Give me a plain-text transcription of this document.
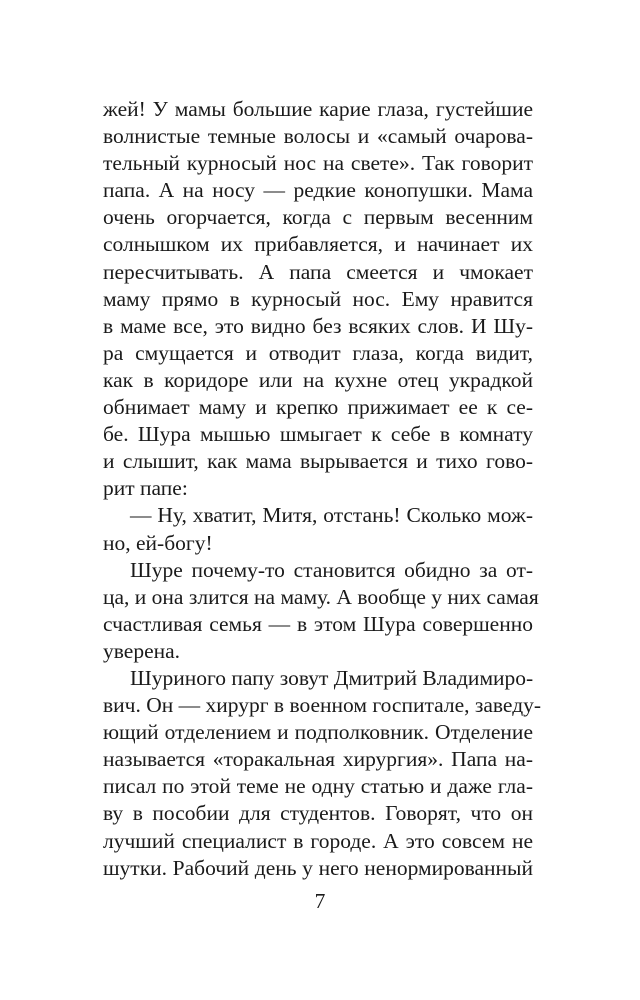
жей! У мамы большие карие глаза, густейшие
волнистые темные волосы и «самый очарова-
тельный курносый нос на свете». Так говорит
папа. А на носу — редкие конопушки. Мама
очень огорчается, когда с первым весенним
солнышком их прибавляется, и начинает их
пересчитывать. А папа смеется и чмокает
маму прямо в курносый нос. Ему нравится
в маме все, это видно без всяких слов. И Шу-
ра смущается и отводит глаза, когда видит,
как в коридоре или на кухне отец украдкой
обнимает маму и крепко прижимает ее к се-
бе. Шура мышью шмыгает к себе в комнату
и слышит, как мама вырывается и тихо гово-
рит папе:
— Ну, хватит, Митя, отстань! Сколько мож-
но, ей-богу!
Шуре почему-то становится обидно за от-
ца, и она злится на маму. А вообще у них самая
счастливая семья — в этом Шура совершенно
уверена.
Шуриного папу зовут Дмитрий Владимиро-
вич. Он — хирург в военном госпитале, заведу-
ющий отделением и подполковник. Отделение
называется «торакальная хирургия». Папа на-
писал по этой теме не одну статью и даже гла-
ву в пособии для студентов. Говорят, что он
лучший специалист в городе. А это совсем не
шутки. Рабочий день у него ненормированный
7
